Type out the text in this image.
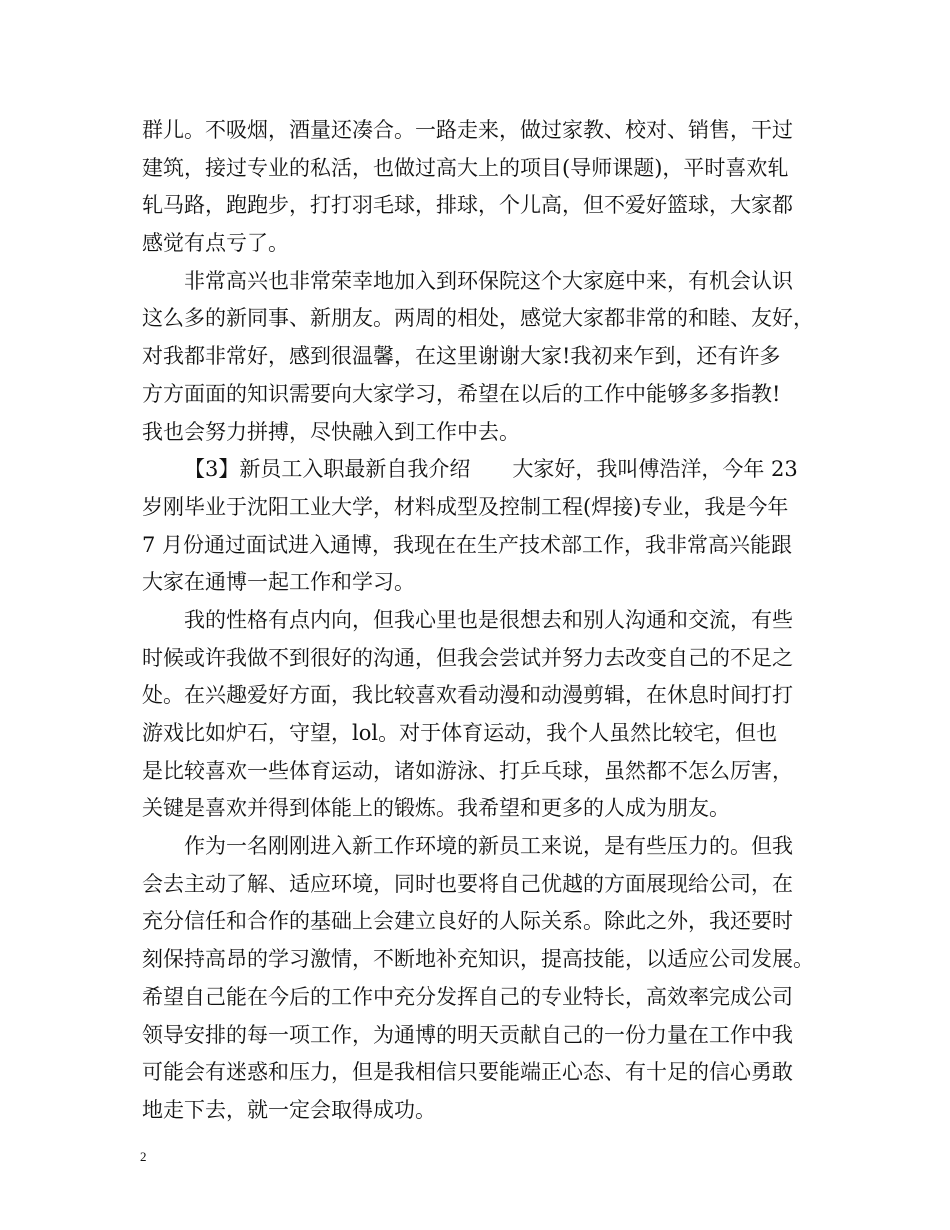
群儿。不吸烟，酒量还凑合。一路走来，做过家教、校对、销售，干过
建筑，接过专业的私活，也做过高大上的项目(导师课题)，平时喜欢轧
轧马路，跑跑步，打打羽毛球，排球，个儿高，但不爱好篮球，大家都
感觉有点亏了。
非常高兴也非常荣幸地加入到环保院这个大家庭中来，有机会认识
这么多的新同事、新朋友。两周的相处，感觉大家都非常的和睦、友好，
对我都非常好，感到很温馨，在这里谢谢大家!我初来乍到，还有许多
方方面面的知识需要向大家学习，希望在以后的工作中能够多多指教!
我也会努力拼搏，尽快融入到工作中去。
【3】新员工入职最新自我介绍　　大家好，我叫傅浩洋，今年 23
岁刚毕业于沈阳工业大学，材料成型及控制工程(焊接)专业，我是今年
7 月份通过面试进入通博，我现在在生产技术部工作，我非常高兴能跟
大家在通博一起工作和学习。
我的性格有点内向，但我心里也是很想去和别人沟通和交流，有些
时候或许我做不到很好的沟通，但我会尝试并努力去改变自己的不足之
处。在兴趣爱好方面，我比较喜欢看动漫和动漫剪辑，在休息时间打打
游戏比如炉石，守望，lol。对于体育运动，我个人虽然比较宅，但也
是比较喜欢一些体育运动，诸如游泳、打乒乓球，虽然都不怎么厉害，
关键是喜欢并得到体能上的锻炼。我希望和更多的人成为朋友。
作为一名刚刚进入新工作环境的新员工来说，是有些压力的。但我
会去主动了解、适应环境，同时也要将自己优越的方面展现给公司，在
充分信任和合作的基础上会建立良好的人际关系。除此之外，我还要时
刻保持高昂的学习激情，不断地补充知识，提高技能，以适应公司发展。
希望自己能在今后的工作中充分发挥自己的专业特长，高效率完成公司
领导安排的每一项工作，为通博的明天贡献自己的一份力量在工作中我
可能会有迷惑和压力，但是我相信只要能端正心态、有十足的信心勇敢
地走下去，就一定会取得成功。
2
